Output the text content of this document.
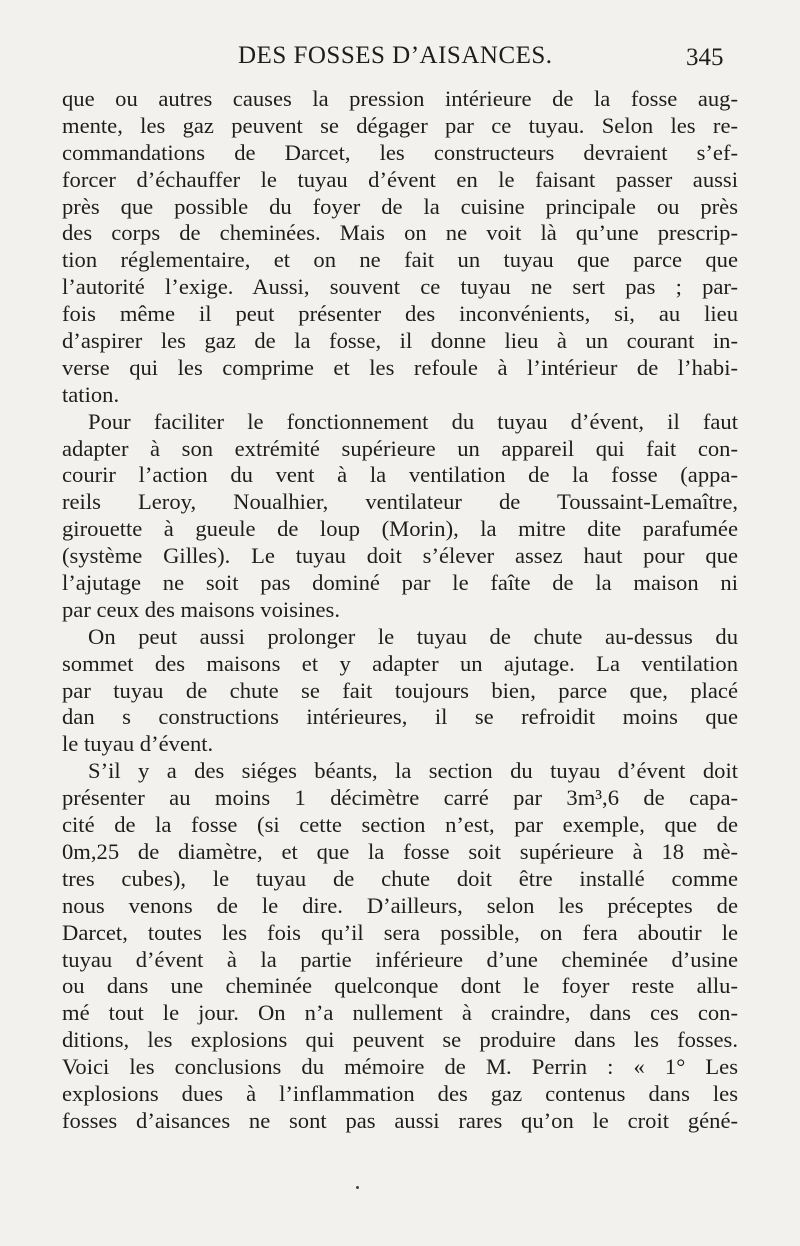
DES FOSSES D’AISANCES.	345
que ou autres causes la pression intérieure de la fosse aug-
mente, les gaz peuvent se dégager par ce tuyau. Selon les re-
commandations de Darcet, les constructeurs devraient s’ef-
forcer d’échauffer le tuyau d’évent en le faisant passer aussi
près que possible du foyer de la cuisine principale ou près
des corps de cheminées. Mais on ne voit là qu’une prescrip-
tion réglementaire, et on ne fait un tuyau que parce que
l’autorité l’exige. Aussi, souvent ce tuyau ne sert pas ; par-
fois même il peut présenter des inconvénients, si, au lieu
d’aspirer les gaz de la fosse, il donne lieu à un courant in-
verse qui les comprime et les refoule à l’intérieur de l’habi-
tation.
Pour faciliter le fonctionnement du tuyau d’évent, il faut
adapter à son extrémité supérieure un appareil qui fait con-
courir l’action du vent à la ventilation de la fosse (appa-
reils Leroy, Noualhier, ventilateur de Toussaint-Lemaître,
girouette à gueule de loup (Morin), la mitre dite parafumée
(système Gilles). Le tuyau doit s’élever assez haut pour que
l’ajutage ne soit pas dominé par le faîte de la maison ni
par ceux des maisons voisines.
On peut aussi prolonger le tuyau de chute au-dessus du
sommet des maisons et y adapter un ajutage. La ventilation
par tuyau de chute se fait toujours bien, parce que, placé
dan s constructions intérieures, il se refroidit moins que
le tuyau d’évent.
S’il y a des siéges béants, la section du tuyau d’évent doit
présenter au moins 1 décimètre carré par 3m³,6 de capa-
cité de la fosse (si cette section n’est, par exemple, que de
0m,25 de diamètre, et que la fosse soit supérieure à 18 mè-
tres cubes), le tuyau de chute doit être installé comme
nous venons de le dire. D’ailleurs, selon les préceptes de
Darcet, toutes les fois qu’il sera possible, on fera aboutir le
tuyau d’évent à la partie inférieure d’une cheminée d’usine
ou dans une cheminée quelconque dont le foyer reste allu-
mé tout le jour. On n’a nullement à craindre, dans ces con-
ditions, les explosions qui peuvent se produire dans les fosses.
Voici les conclusions du mémoire de M. Perrin : « 1° Les
explosions dues à l’inflammation des gaz contenus dans les
fosses d’aisances ne sont pas aussi rares qu’on le croit géné-
